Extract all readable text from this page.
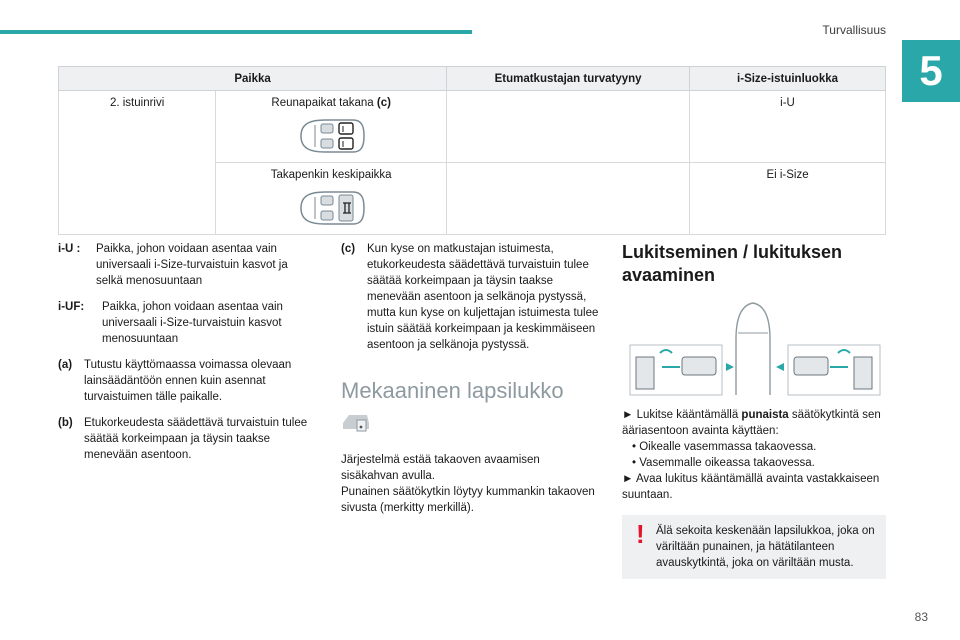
Turvallisuus
5
Paikka		Etumatkustajan turvatyyny	i-Size-istuinluokka
2. istuinrivi	Reunapaikat takana (c)		i-U
	Takapenkin keskipaikka		Ei i-Size
i-U :	Paikka, johon voidaan asentaa vain universaali i-Size-turvaistuin kasvot ja selkä menosuuntaan
i-UF:	Paikka, johon voidaan asentaa vain universaali i-Size-turvaistuin kasvot menosuuntaan
(a)	Tutustu käyttömaassa voimassa olevaan lainsäädäntöön ennen kuin asennat turvaistuimen tälle paikalle.
(b) Etukorkeudesta säädettävä turvaistuin tulee säätää korkeimpaan ja täysin taakse menevään asentoon.
(c)	Kun kyse on matkustajan istuimesta, etukorkeudesta säädettävä turvaistuin tulee säätää korkeimpaan ja täysin taakse menevään asentoon ja selkänoja pystyssä, mutta kun kyse on kuljettajan istuimesta tulee istuin säätää korkeimpaan ja keskimmäiseen asentoon ja selkänoja pystyssä.
Mekaaninen lapsilukko

Järjestelmä estää takaoven avaamisen sisäkahvan avulla.

Punainen säätökytkin löytyy kummankin takaoven sivusta (merkitty merkillä).

Lukitseminen / lukituksen avaaminen

► Lukitse kääntämällä punaista säätökytkintä sen ääriasentoon avainta käyttäen:

• Oikealle vasemmassa takaovessa.
• Vasemmalle oikeassa takaovessa.

► Avaa lukitus kääntämällä avainta vastakkaiseen suuntaan.

! Älä sekoita keskenään lapsilukkoa, joka on väriltään punainen, ja hätätilanteen avauskytkintä, joka on väriltään musta.
83
